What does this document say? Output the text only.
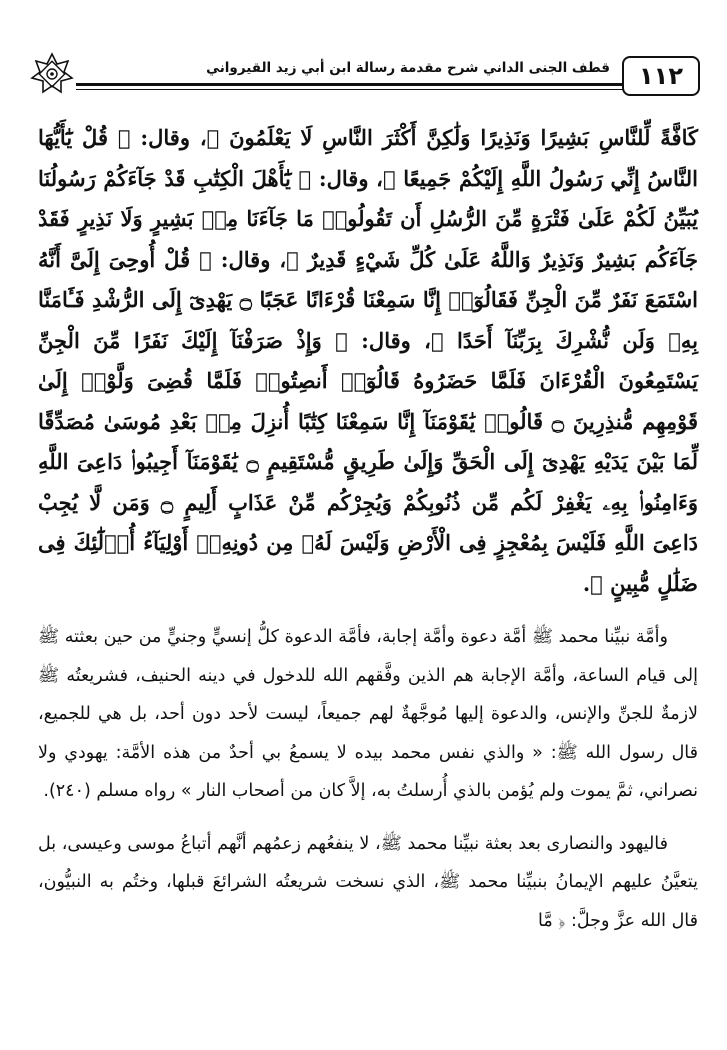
١١٢
قطف الجنى الداني شرح مقدمة رسالة ابن أبي زيد القيرواني

كَافَّةً لِّلنَّاسِ بَشِيرًا وَنَذِيرًا وَلَٰكِنَّ أَكْثَرَ النَّاسِ لَا يَعْلَمُونَ ﴾، وقال: ﴿ قُلْ يَٰٓأَيُّهَا النَّاسُ إِنِّي رَسُولُ اللَّهِ إِلَيْكُمْ جَمِيعًا ﴾، وقال: ﴿ يَٰٓأَهْلَ الْكِتَٰبِ قَدْ جَآءَكُمْ رَسُولُنَا يُبَيِّنُ لَكُمْ عَلَىٰ فَتْرَةٍ مِّنَ الرُّسُلِ أَن تَقُولُوا۟ مَا جَآءَنَا مِنۢ بَشِيرٍ وَلَا نَذِيرٍ فَقَدْ جَآءَكُم بَشِيرٌ وَنَذِيرٌ وَاللَّهُ عَلَىٰ كُلِّ شَيْءٍ قَدِيرٌ ﴾، وقال: ﴿ قُلْ أُوحِىَ إِلَىَّ أَنَّهُ اسْتَمَعَ نَفَرٌ مِّنَ الْجِنِّ فَقَالُوٓا۟ إِنَّا سَمِعْنَا قُرْءَانًا عَجَبًا ۝ يَهْدِىٓ إِلَى الرُّشْدِ فَـَٔامَنَّا بِهِۦ وَلَن نُّشْرِكَ بِرَبِّنَآ أَحَدًا ﴾، وقال: ﴿ وَإِذْ صَرَفْنَآ إِلَيْكَ نَفَرًا مِّنَ الْجِنِّ يَسْتَمِعُونَ الْقُرْءَانَ فَلَمَّا حَضَرُوهُ قَالُوٓا۟ أَنصِتُوا۟ فَلَمَّا قُضِىَ وَلَّوْا۟ إِلَىٰ قَوْمِهِم مُّنذِرِينَ ۝ قَالُوا۟ يَٰقَوْمَنَآ إِنَّا سَمِعْنَا كِتَٰبًا أُنزِلَ مِنۢ بَعْدِ مُوسَىٰ مُصَدِّقًا لِّمَا بَيْنَ يَدَيْهِ يَهْدِىٓ إِلَى الْحَقِّ وَإِلَىٰ طَرِيقٍ مُّسْتَقِيمٍ ۝ يَٰقَوْمَنَآ أَجِيبُوا۟ دَاعِىَ اللَّهِ وَءَامِنُوا۟ بِهِۦ يَغْفِرْ لَكُم مِّن ذُنُوبِكُمْ وَيُجِرْكُم مِّنْ عَذَابٍ أَلِيمٍ ۝ وَمَن لَّا يُجِبْ دَاعِىَ اللَّهِ فَلَيْسَ بِمُعْجِزٍ فِى الْأَرْضِ وَلَيْسَ لَهُۥ مِن دُونِهِۦٓ أَوْلِيَآءُ أُو۟لَٰٓئِكَ فِى ضَلَٰلٍ مُّبِينٍ ﴾.

وأمَّة نبيِّنا محمد ﷺ أمَّة دعوة وأمَّة إجابة، فأمَّة الدعوة كلُّ إنسيٍّ وجنيٍّ من حين بعثته ﷺ إلى قيام الساعة، وأمَّة الإجابة هم الذين وفَّقهم الله للدخول في دينه الحنيف، فشريعتُه ﷺ لازمةٌ للجنِّ والإنس، والدعوة إليها مُوجَّهةٌ لهم جميعاً، ليست لأحد دون أحد، بل هي للجميع، قال رسول الله ﷺ: « والذي نفس محمد بيده لا يسمعُ بي أحدٌ من هذه الأمَّة: يهودي ولا نصراني، ثمَّ يموت ولم يُؤمن بالذي أُرسلتُ به، إلاَّ كان من أصحاب النار » رواه مسلم (٢٤٠).

فاليهود والنصارى بعد بعثة نبيِّنا محمد ﷺ، لا ينفعُهم زعمُهم أنَّهم أتباعُ موسى وعيسى، بل يتعيَّنُ عليهم الإيمانُ بنبيِّنا محمد ﷺ، الذي نسخت شريعتُه الشرائعَ قبلها، وختُم به النبيُّون، قال الله عزَّ وجلَّ: ﴿ مَّا
